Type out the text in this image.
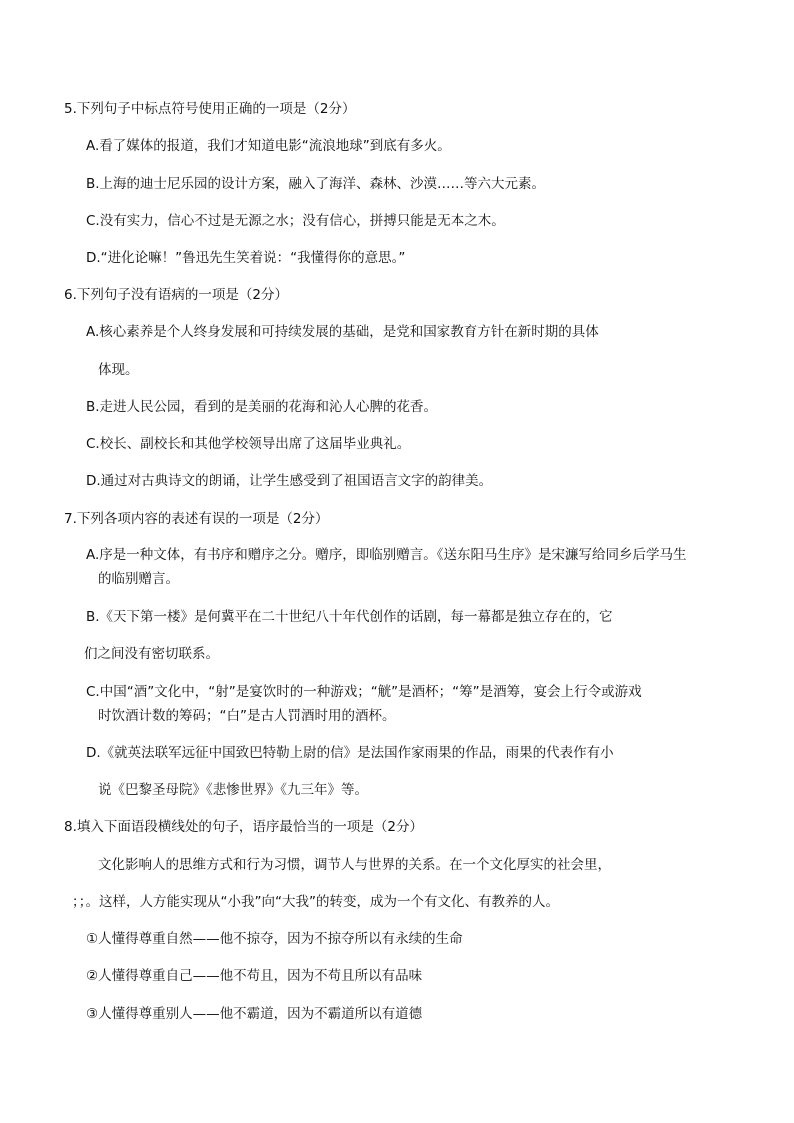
5.下列句子中标点符号使用正确的一项是（2分）
A.看了媒体的报道，我们才知道电影“流浪地球”到底有多火。
B.上海的迪士尼乐园的设计方案，融入了海洋、森林、沙漠……等六大元素。
C.没有实力，信心不过是无源之水；没有信心，拼搏只能是无本之木。
D.“进化论嘛！”鲁迅先生笑着说：“我懂得你的意思。”
6.下列句子没有语病的一项是（2分）
A.核心素养是个人终身发展和可持续发展的基础，是党和国家教育方针在新时期的具体
体现。
B.走进人民公园，看到的是美丽的花海和沁人心脾的花香。
C.校长、副校长和其他学校领导出席了这届毕业典礼。
D.通过对古典诗文的朗诵，让学生感受到了祖国语言文字的韵律美。
7.下列各项内容的表述有误的一项是（2分）
A.序是一种文体，有书序和赠序之分。赠序，即临别赠言。《送东阳马生序》是宋濂写给同乡后学马生
的临别赠言。
B.《天下第一楼》是何冀平在二十世纪八十年代创作的话剧，每一幕都是独立存在的，它
们之间没有密切联系。
C.中国“酒”文化中，“射”是宴饮时的一种游戏；“觥”是酒杯；“筹”是酒筹，宴会上行令或游戏
时饮酒计数的筹码；“白”是古人罚酒时用的酒杯。
D.《就英法联军远征中国致巴特勒上尉的信》是法国作家雨果的作品，雨果的代表作有小
说《巴黎圣母院》《悲惨世界》《九三年》等。
8.填入下面语段横线处的句子，语序最恰当的一项是（2分）
文化影响人的思维方式和行为习惯，调节人与世界的关系。在一个文化厚实的社会里，
；；。这样，人方能实现从“小我”向“大我”的转变，成为一个有文化、有教养的人。
①人懂得尊重自然——他不掠夺，因为不掠夺所以有永续的生命
②人懂得尊重自己——他不苟且，因为不苟且所以有品味
③人懂得尊重别人——他不霸道，因为不霸道所以有道德
